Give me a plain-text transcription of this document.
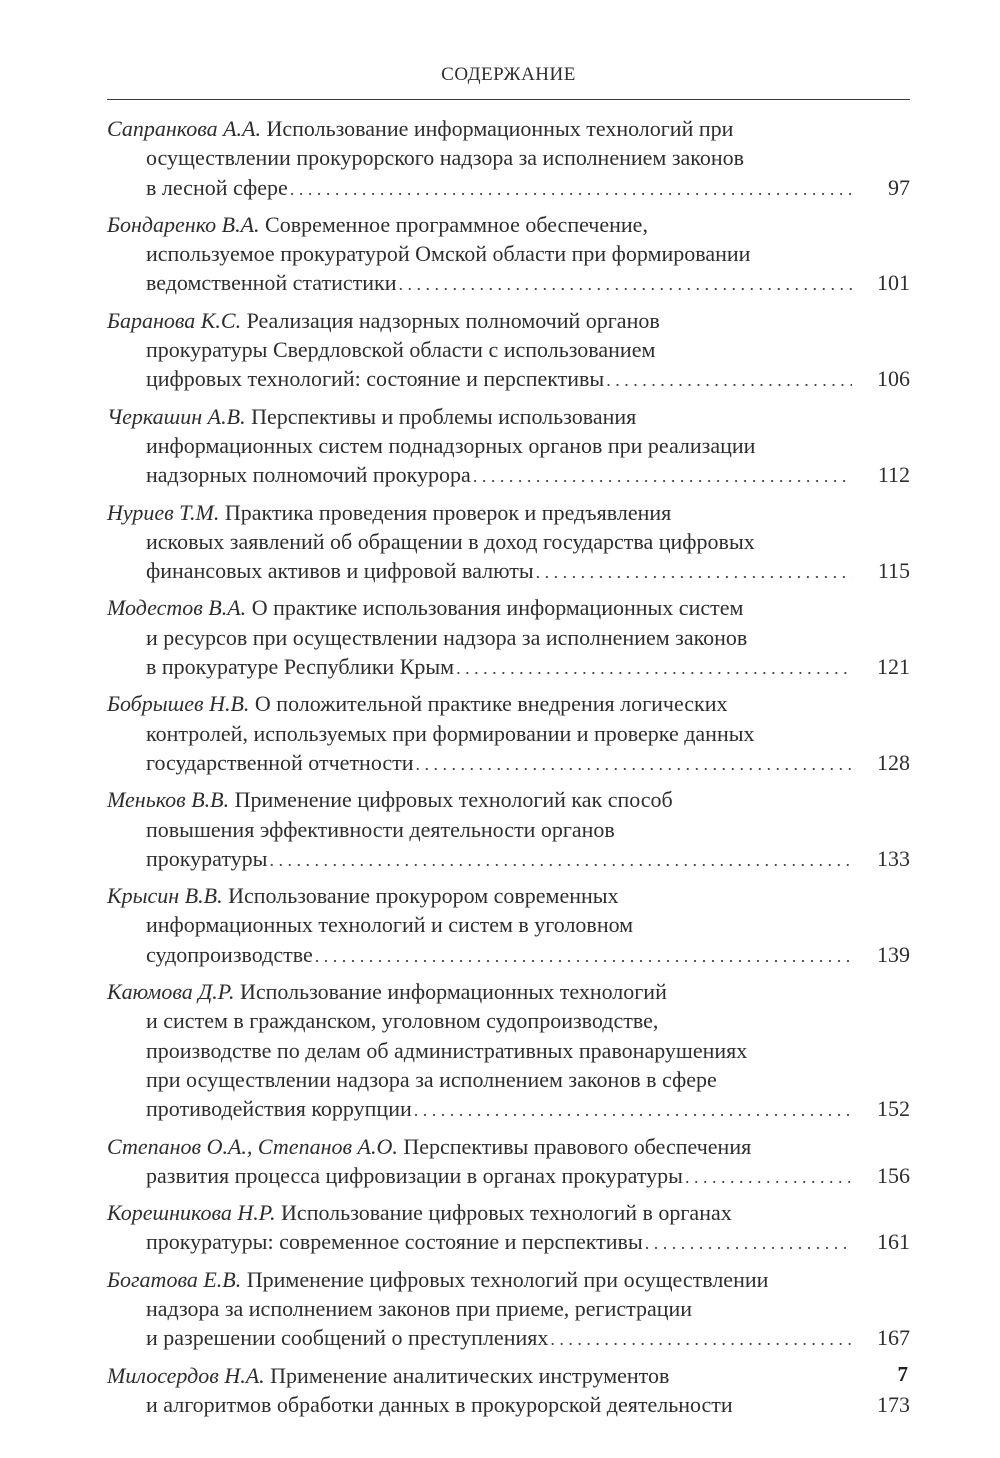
СОДЕРЖАНИЕ
Сапранкова А.А. Использование информационных технологий при
осуществлении прокурорского надзора за исполнением законов
в лесной сфере . . .	97
Бондаренко В.А. Современное программное обеспечение,
используемое прокуратурой Омской области при формировании
ведомственной статистики . . .	101
Баранова К.С. Реализация надзорных полномочий органов
прокуратуры Свердловской области с использованием
цифровых технологий: состояние и перспективы . . .	106
Черкашин А.В. Перспективы и проблемы использования
информационных систем поднадзорных органов при реализации
надзорных полномочий прокурора . . .	112
Нуриев Т.М. Практика проведения проверок и предъявления
исковых заявлений об обращении в доход государства цифровых
финансовых активов и цифровой валюты . . .	115
Модестов В.А. О практике использования информационных систем
и ресурсов при осуществлении надзора за исполнением законов
в прокуратуре Республики Крым . . .	121
Бобрышев Н.В. О положительной практике внедрения логических
контролей, используемых при формировании и проверке данных
государственной отчетности . . .	128
Меньков В.В. Применение цифровых технологий как способ
повышения эффективности деятельности органов
прокуратуры . . .	133
Крысин В.В. Использование прокурором современных
информационных технологий и систем в уголовном
судопроизводстве . . .	139
Каюмова Д.Р. Использование информационных технологий
и систем в гражданском, уголовном судопроизводстве,
производстве по делам об административных правонарушениях
при осуществлении надзора за исполнением законов в сфере
противодействия коррупции . . .	152
Степанов О.А., Степанов А.О. Перспективы правового обеспечения
развития процесса цифровизации в органах прокуратуры . . .	156
Корешникова Н.Р. Использование цифровых технологий в органах
прокуратуры: современное состояние и перспективы . . .	161
Богатова Е.В. Применение цифровых технологий при осуществлении
надзора за исполнением законов при приеме, регистрации
и разрешении сообщений о преступлениях . . .	167
Милосердов Н.А. Применение аналитических инструментов
и алгоритмов обработки данных в прокурорской деятельности	173
7
